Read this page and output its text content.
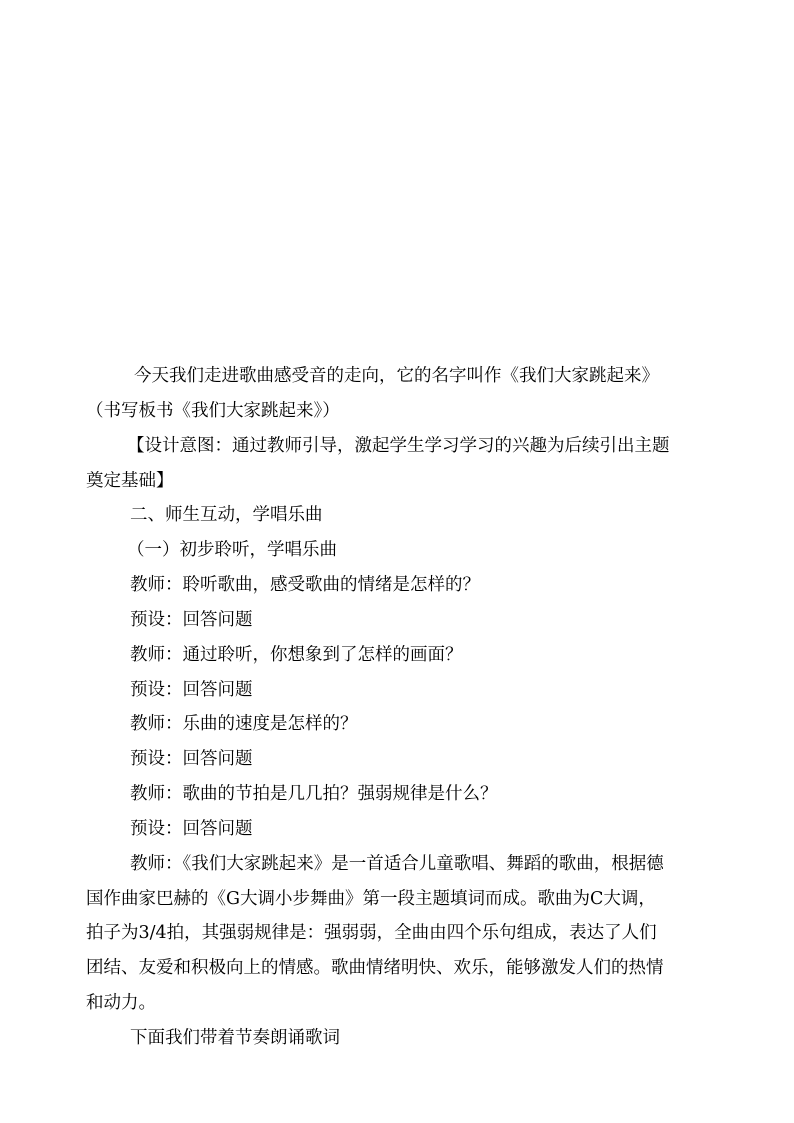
今天我们走进歌曲感受音的走向，它的名字叫作《我们大家跳起来》
（书写板书《我们大家跳起来》）
【设计意图：通过教师引导，激起学生学习学习的兴趣为后续引出主题
奠定基础】
二、师生互动，学唱乐曲
（一）初步聆听，学唱乐曲
教师：聆听歌曲，感受歌曲的情绪是怎样的？
预设：回答问题
教师：通过聆听，你想象到了怎样的画面？
预设：回答问题
教师：乐曲的速度是怎样的？
预设：回答问题
教师：歌曲的节拍是几几拍？强弱规律是什么？
预设：回答问题
教师：《我们大家跳起来》是一首适合儿童歌唱、舞蹈的歌曲，根据德
国作曲家巴赫的《G大调小步舞曲》第一段主题填词而成。歌曲为C大调，
拍子为3/4拍，其强弱规律是：强弱弱，全曲由四个乐句组成，表达了人们
团结、友爱和积极向上的情感。歌曲情绪明快、欢乐，能够激发人们的热情
和动力。
下面我们带着节奏朗诵歌词
